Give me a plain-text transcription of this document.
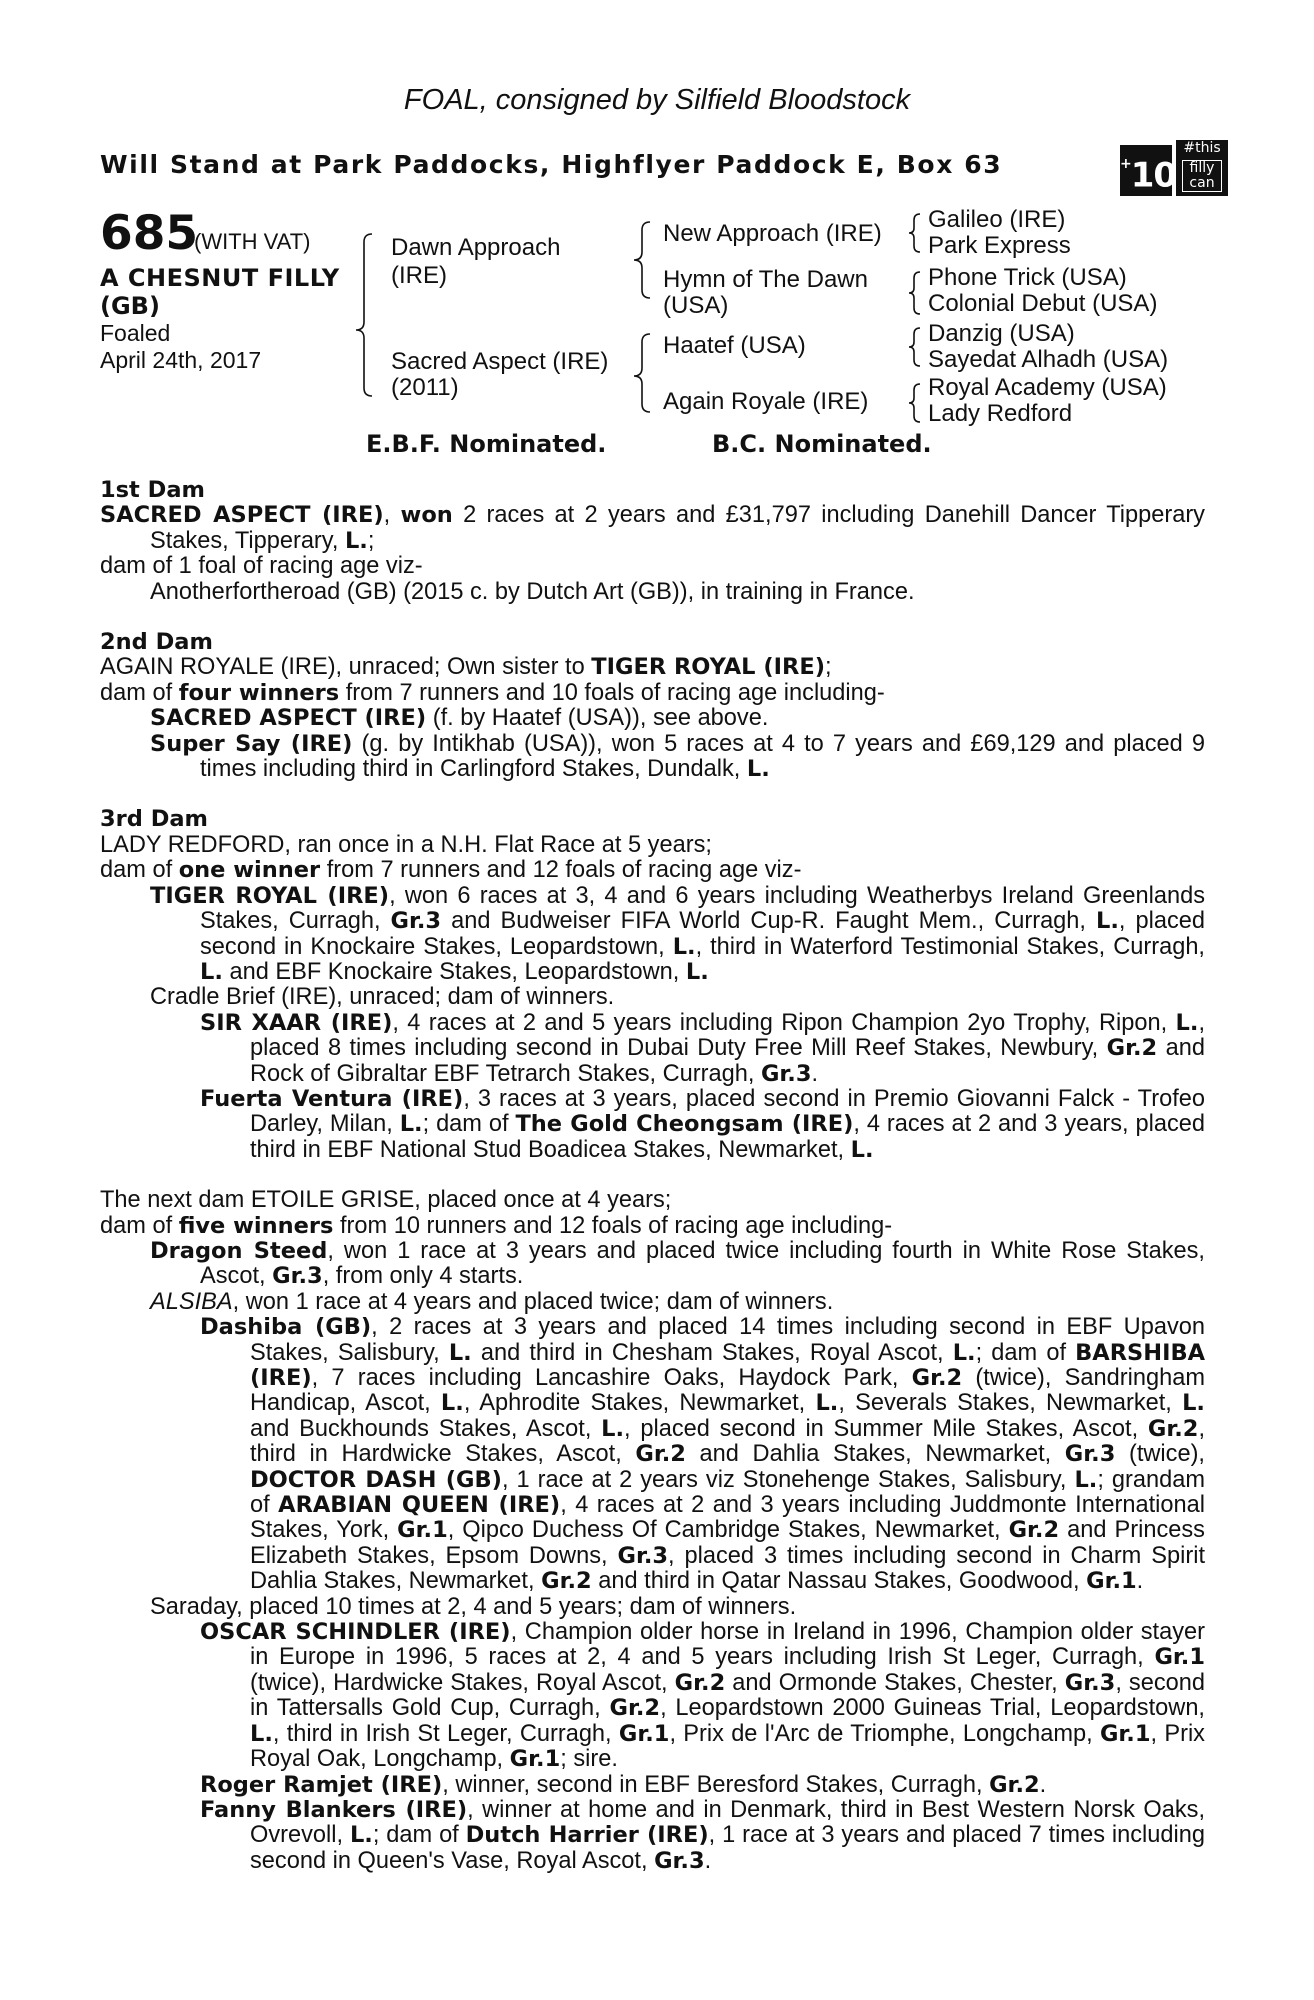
FOAL, consigned by Silfield Bloodstock
Will Stand at Park Paddocks, Highflyer Paddock E, Box 63	+10
#this
filly
can
685
(WITH VAT)
A CHESNUT FILLY
(GB)
Foaled
April 24th, 2017
Dawn Approach
(IRE)
Sacred Aspect (IRE)
(2011)
New Approach (IRE)
Hymn of The Dawn
(USA)
Haatef (USA)
Again Royale (IRE)
Galileo (IRE)
Park Express
Phone Trick (USA)
Colonial Debut (USA)
Danzig (USA)
Sayedat Alhadh (USA)
Royal Academy (USA)
Lady Redford
E.B.F. Nominated.	B.C. Nominated.
1st Dam
SACRED ASPECT (IRE), won 2 races at 2 years and £31,797 including Danehill Dancer Tipperary Stakes, Tipperary, L.;
dam of 1 foal of racing age viz-
Anotherfortheroad (GB) (2015 c. by Dutch Art (GB)), in training in France.
2nd Dam
AGAIN ROYALE (IRE), unraced; Own sister to TIGER ROYAL (IRE);
dam of four winners from 7 runners and 10 foals of racing age including-
SACRED ASPECT (IRE) (f. by Haatef (USA)), see above.
Super Say (IRE) (g. by Intikhab (USA)), won 5 races at 4 to 7 years and £69,129 and placed 9 times including third in Carlingford Stakes, Dundalk, L.
3rd Dam
LADY REDFORD, ran once in a N.H. Flat Race at 5 years;
dam of one winner from 7 runners and 12 foals of racing age viz-
TIGER ROYAL (IRE), won 6 races at 3, 4 and 6 years including Weatherbys Ireland Greenlands Stakes, Curragh, Gr.3 and Budweiser FIFA World Cup-R. Faught Mem., Curragh, L., placed second in Knockaire Stakes, Leopardstown, L., third in Waterford Testimonial Stakes, Curragh, L. and EBF Knockaire Stakes, Leopardstown, L.
Cradle Brief (IRE), unraced; dam of winners.
SIR XAAR (IRE), 4 races at 2 and 5 years including Ripon Champion 2yo Trophy, Ripon, L., placed 8 times including second in Dubai Duty Free Mill Reef Stakes, Newbury, Gr.2 and Rock of Gibraltar EBF Tetrarch Stakes, Curragh, Gr.3.
Fuerta Ventura (IRE), 3 races at 3 years, placed second in Premio Giovanni Falck - Trofeo Darley, Milan, L.; dam of The Gold Cheongsam (IRE), 4 races at 2 and 3 years, placed third in EBF National Stud Boadicea Stakes, Newmarket, L.
The next dam ETOILE GRISE, placed once at 4 years;
dam of five winners from 10 runners and 12 foals of racing age including-
Dragon Steed, won 1 race at 3 years and placed twice including fourth in White Rose Stakes, Ascot, Gr.3, from only 4 starts.
ALSIBA, won 1 race at 4 years and placed twice; dam of winners.
Dashiba (GB), 2 races at 3 years and placed 14 times including second in EBF Upavon Stakes, Salisbury, L. and third in Chesham Stakes, Royal Ascot, L.; dam of BARSHIBA (IRE), 7 races including Lancashire Oaks, Haydock Park, Gr.2 (twice), Sandringham Handicap, Ascot, L., Aphrodite Stakes, Newmarket, L., Severals Stakes, Newmarket, L. and Buckhounds Stakes, Ascot, L., placed second in Summer Mile Stakes, Ascot, Gr.2, third in Hardwicke Stakes, Ascot, Gr.2 and Dahlia Stakes, Newmarket, Gr.3 (twice), DOCTOR DASH (GB), 1 race at 2 years viz Stonehenge Stakes, Salisbury, L.; grandam of ARABIAN QUEEN (IRE), 4 races at 2 and 3 years including Juddmonte International Stakes, York, Gr.1, Qipco Duchess Of Cambridge Stakes, Newmarket, Gr.2 and Princess Elizabeth Stakes, Epsom Downs, Gr.3, placed 3 times including second in Charm Spirit Dahlia Stakes, Newmarket, Gr.2 and third in Qatar Nassau Stakes, Goodwood, Gr.1.
Saraday, placed 10 times at 2, 4 and 5 years; dam of winners.
OSCAR SCHINDLER (IRE), Champion older horse in Ireland in 1996, Champion older stayer in Europe in 1996, 5 races at 2, 4 and 5 years including Irish St Leger, Curragh, Gr.1 (twice), Hardwicke Stakes, Royal Ascot, Gr.2 and Ormonde Stakes, Chester, Gr.3, second in Tattersalls Gold Cup, Curragh, Gr.2, Leopardstown 2000 Guineas Trial, Leopardstown, L., third in Irish St Leger, Curragh, Gr.1, Prix de l'Arc de Triomphe, Longchamp, Gr.1, Prix Royal Oak, Longchamp, Gr.1; sire.
Roger Ramjet (IRE), winner, second in EBF Beresford Stakes, Curragh, Gr.2.
Fanny Blankers (IRE), winner at home and in Denmark, third in Best Western Norsk Oaks, Ovrevoll, L.; dam of Dutch Harrier (IRE), 1 race at 3 years and placed 7 times including second in Queen's Vase, Royal Ascot, Gr.3.
